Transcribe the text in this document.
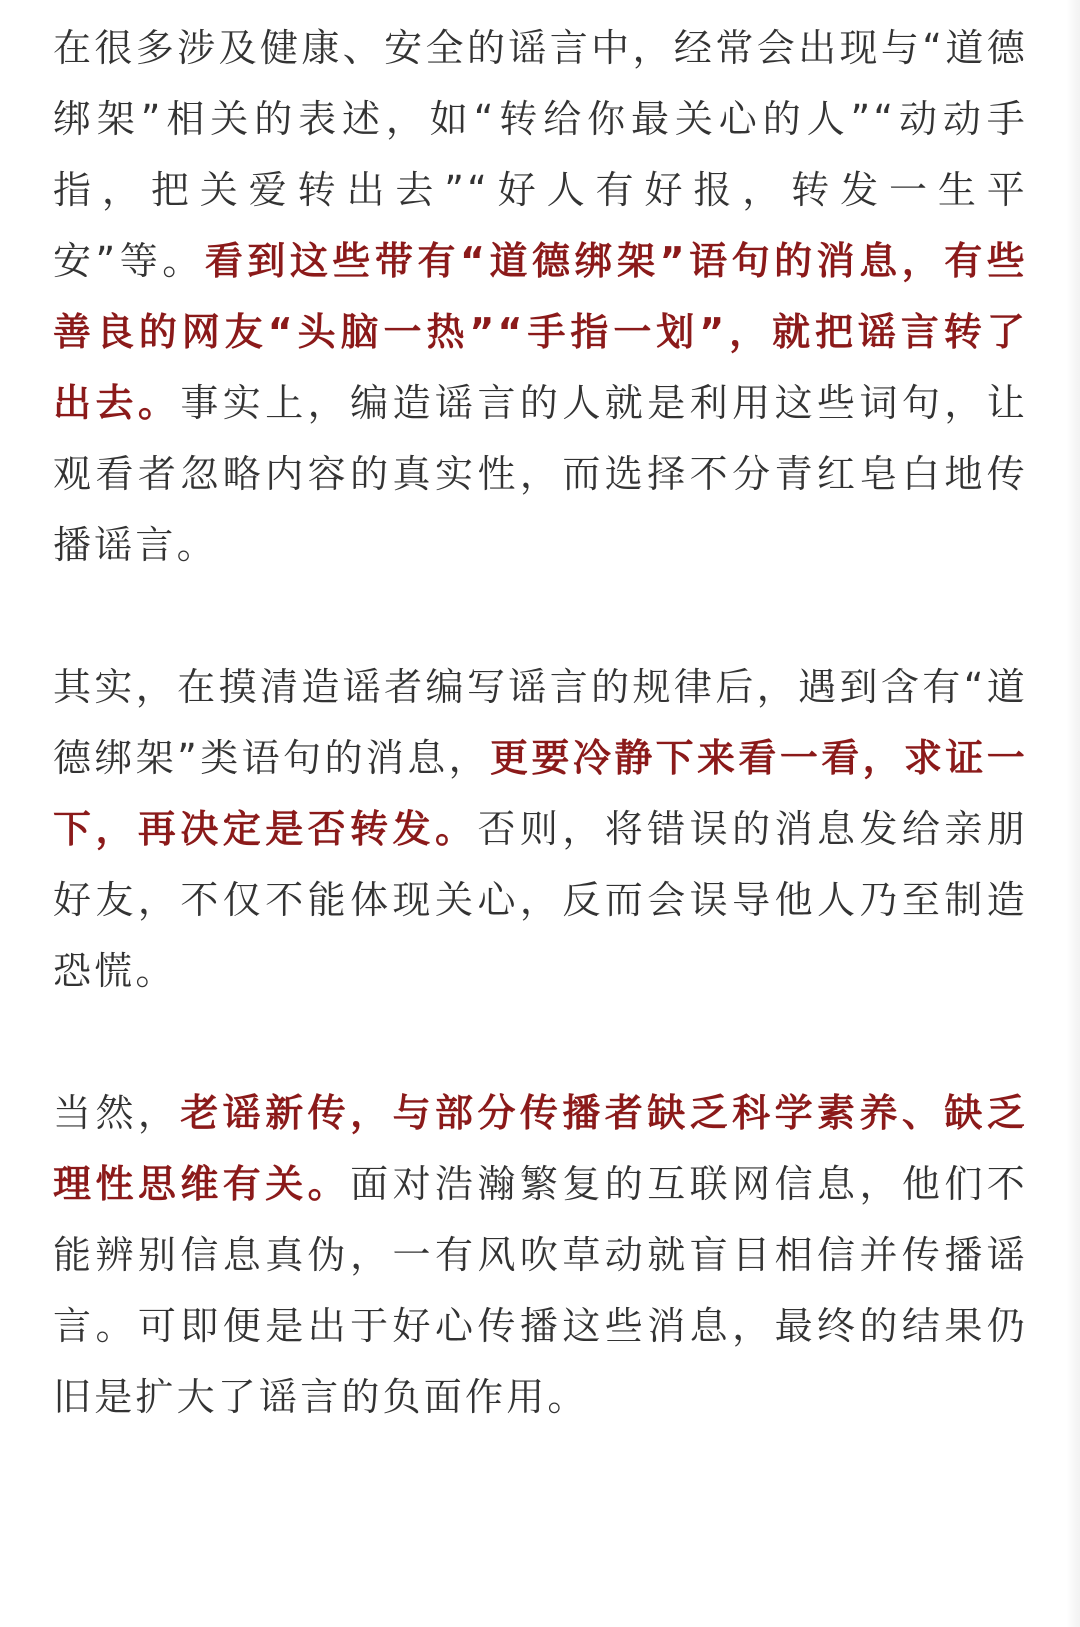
在很多涉及健康、安全的谣言中，经常会出现与“道德绑架”相关的表述，如“转给你最关心的人”“动动手指，把关爱转出去”“好人有好报，转发一生平安”等。看到这些带有“道德绑架”语句的消息，有些善良的网友“头脑一热”“手指一划”，就把谣言转了出去。事实上，编造谣言的人就是利用这些词句，让观看者忽略内容的真实性，而选择不分青红皂白地传播谣言。

其实，在摸清造谣者编写谣言的规律后，遇到含有“道德绑架”类语句的消息，更要冷静下来看一看，求证一下，再决定是否转发。否则，将错误的消息发给亲朋好友，不仅不能体现关心，反而会误导他人乃至制造恐慌。

当然，老谣新传，与部分传播者缺乏科学素养、缺乏理性思维有关。面对浩瀚繁复的互联网信息，他们不能辨别信息真伪，一有风吹草动就盲目相信并传播谣言。可即便是出于好心传播这些消息，最终的结果仍旧是扩大了谣言的负面作用。
